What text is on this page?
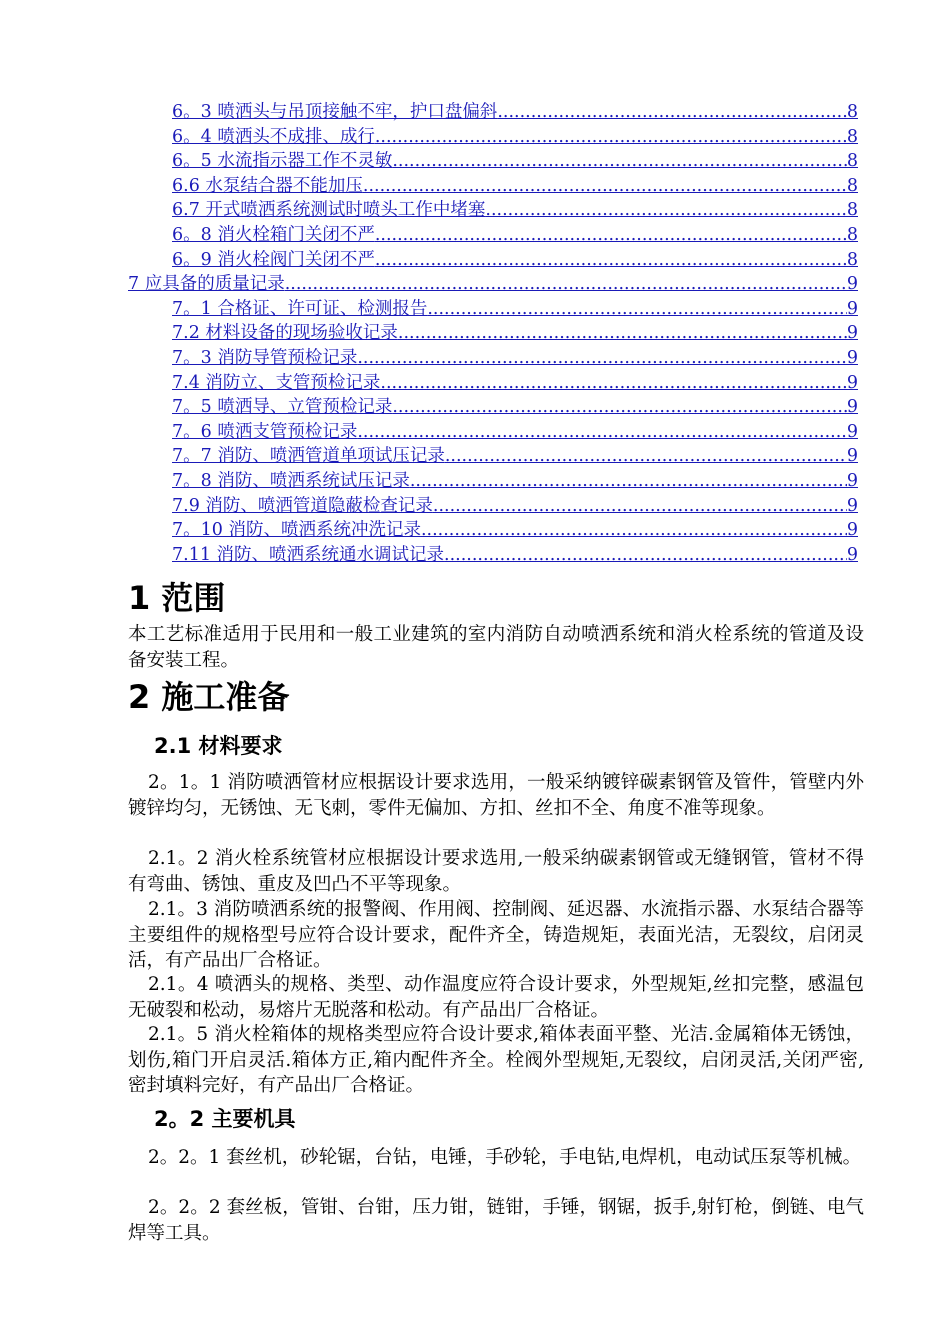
6。3 喷洒头与吊顶接触不牢，护口盘偏斜 .....	8
6。4 喷洒头不成排、成行 .....	8
6。5 水流指示器工作不灵敏 .....	8
6.6 水泵结合器不能加压 .....	8
6.7 开式喷洒系统测试时喷头工作中堵塞 .....	8
6。8 消火栓箱门关闭不严 .....	8
6。9 消火栓阀门关闭不严 .....	8
7 应具备的质量记录 .....	9
7。1 合格证、许可证、检测报告 .....	9
7.2 材料设备的现场验收记录 .....	9
7。3 消防导管预检记录 .....	9
7.4 消防立、支管预检记录 .....	9
7。5 喷洒导、立管预检记录 .....	9
7。6 喷洒支管预检记录 .....	9
7。7 消防、喷洒管道单项试压记录 .....	9
7。8 消防、喷洒系统试压记录 .....	9
7.9 消防、喷洒管道隐蔽检查记录 .....	9
7。10 消防、喷洒系统冲洗记录 .....	9
7.11 消防、喷洒系统通水调试记录 .....	9
1 范围
本工艺标准适用于民用和一般工业建筑的室内消防自动喷洒系统和消火栓系统的管道及设备安装工程。
2 施工准备
2.1 材料要求
2。1。1 消防喷洒管材应根据设计要求选用，一般采纳镀锌碳素钢管及管件，管壁内外镀锌均匀，无锈蚀、无飞刺，零件无偏加、方扣、丝扣不全、角度不准等现象。
2.1。2 消火栓系统管材应根据设计要求选用,一般采纳碳素钢管或无缝钢管，管材不得有弯曲、锈蚀、重皮及凹凸不平等现象。
2.1。3 消防喷洒系统的报警阀、作用阀、控制阀、延迟器、水流指示器、水泵结合器等主要组件的规格型号应符合设计要求，配件齐全，铸造规矩，表面光洁，无裂纹，启闭灵活，有产品出厂合格证。
2.1。4 喷洒头的规格、类型、动作温度应符合设计要求，外型规矩,丝扣完整，感温包无破裂和松动，易熔片无脱落和松动。有产品出厂合格证。
2.1。5 消火栓箱体的规格类型应符合设计要求,箱体表面平整、光洁.金属箱体无锈蚀，划伤,箱门开启灵活.箱体方正,箱内配件齐全。栓阀外型规矩,无裂纹，启闭灵活,关闭严密,密封填料完好，有产品出厂合格证。
2。2 主要机具
2。2。1 套丝机，砂轮锯，台钻，电锤，手砂轮，手电钻,电焊机，电动试压泵等机械。
2。2。2 套丝板，管钳、台钳，压力钳，链钳，手锤，钢锯，扳手,射钉枪，倒链、电气焊等工具。
